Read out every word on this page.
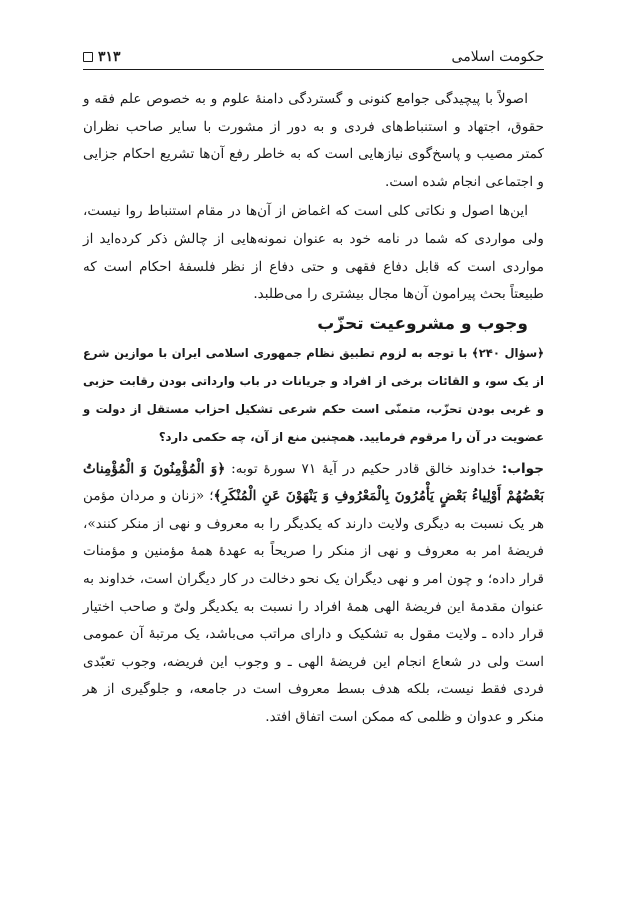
حکومت اسلامی
۳۱۳

اصولاً با پیچیدگی جوامع کنونی و گستردگی دامنهٔ علوم و به خصوص علم فقه و حقوق، اجتهاد و استنباط‌های فردی و به دور از مشورت با سایر صاحب نظران کمتر مصیب و پاسخ‌گوی نیازهایی است که به خاطر رفع آن‌ها تشریع احکام جزایی و اجتماعی انجام شده است.

این‌ها اصول و نکاتی کلی است که اغماض از آن‌ها در مقام استنباط روا نیست، ولی مواردی که شما در نامه خود به عنوان نمونه‌هایی از چالش ذکر کرده‌اید از مواردی است که قابل دفاع فقهی و حتی دفاع از نظر فلسفهٔ احکام است که طبیعتاً بحث پیرامون آن‌ها مجال بیشتری را می‌طلبد.

وجوب و مشروعیت تحزّب

﴿سؤال ۲۴۰﴾ با توجه به لزوم تطبیق نظام جمهوری اسلامی ایران با موازین شرع از یک سو، و القائات برخی از افراد و جریانات در باب وارداتی بودن رقابت حزبی و غربی بودن تحزّب، متمنّی است حکم شرعی تشکیل احزاب مستقل از دولت و عضویت در آن را مرقوم فرمایید. همچنین منع از آن، چه حکمی دارد؟

جواب: خداوند خالق قادر حکیم در آیهٔ ۷۱ سورهٔ توبه: ﴿وَ الْمُؤْمِنُونَ وَ الْمُؤْمِناتُ بَعْضُهُمْ أَوْلِياءُ بَعْضٍ يَأْمُرُونَ بِالْمَعْرُوفِ وَ يَنْهَوْنَ عَنِ الْمُنْكَرِ﴾؛ «زنان و مردان مؤمن هر یک نسبت به دیگری ولایت دارند که یکدیگر را به معروف و نهی از منکر کنند»، فریضهٔ امر به معروف و نهی از منکر را صریحاً به عهدهٔ همهٔ مؤمنین و مؤمنات قرار داده؛ و چون امر و نهی دیگران یک نحو دخالت در کار دیگران است، خداوند به عنوان مقدمهٔ این فریضهٔ الهی همهٔ افراد را نسبت به یکدیگر ولیّ و صاحب اختیار قرار داده ـ ولایت مقول به تشکیک و دارای مراتب می‌باشد، یک مرتبهٔ آن عمومی است ولی در شعاع انجام این فریضهٔ الهی ـ و وجوب این فریضه، وجوب تعبّدی فردی فقط نیست، بلکه هدف بسط معروف است در جامعه، و جلوگیری از هر منکر و عدوان و ظلمی که ممکن است اتفاق افتد.
